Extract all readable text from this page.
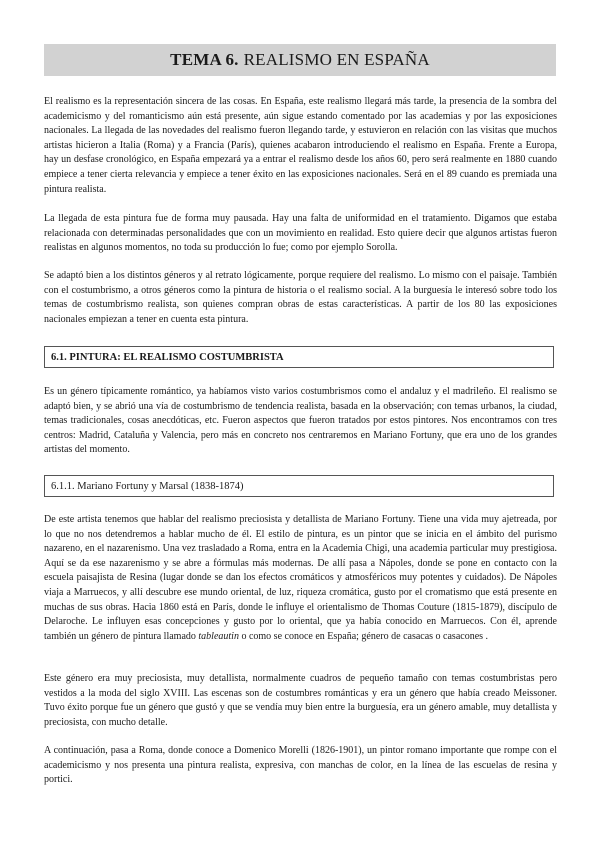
TEMA 6. REALISMO EN ESPAÑA

El realismo es la representación sincera de las cosas. En España, este realismo llegará más tarde, la presencia de la sombra del academicismo y del romanticismo aún está presente, aún sigue estando comentado por las academias y por las exposiciones nacionales. La llegada de las novedades del realismo fueron llegando tarde, y estuvieron en relación con las visitas que muchos artistas hicieron a Italia (Roma) y a Francia (París), quienes acabaron introduciendo el realismo en España. Frente a Europa, hay un desfase cronológico, en España empezará ya a entrar el realismo desde los años 60, pero será realmente en 1880 cuando empiece a tener cierta relevancia y empiece a tener éxito en las exposiciones nacionales. Será en el 89 cuando es premiada una pintura realista.

La llegada de esta pintura fue de forma muy pausada. Hay una falta de uniformidad en el tratamiento. Digamos que estaba relacionada con determinadas personalidades que con un movimiento en realidad. Esto quiere decir que algunos artistas fueron realistas en algunos momentos, no toda su producción lo fue; como por ejemplo Sorolla.

Se adaptó bien a los distintos géneros y al retrato lógicamente, porque requiere del realismo. Lo mismo con el paisaje. También con el costumbrismo, a otros géneros como la pintura de historia o el realismo social. A la burguesía le interesó sobre todo los temas de costumbrismo realista, son quienes compran obras de estas características. A partir de los 80 las exposiciones nacionales empiezan a tener en cuenta esta pintura.

6.1. PINTURA: EL REALISMO COSTUMBRISTA

Es un género típicamente romántico, ya habíamos visto varios costumbrismos como el andaluz y el madrileño. El realismo se adaptó bien, y se abrió una vía de costumbrismo de tendencia realista, basada en la observación; con temas urbanos, la ciudad, temas tradicionales, cosas anecdóticas, etc. Fueron aspectos que fueron tratados por estos pintores. Nos encontramos con tres centros: Madrid, Cataluña y Valencia, pero más en concreto nos centraremos en Mariano Fortuny, que era uno de los grandes artistas del momento.

6.1.1. Mariano Fortuny y Marsal (1838-1874)

De este artista tenemos que hablar del realismo preciosista y detallista de Mariano Fortuny. Tiene una vida muy ajetreada, por lo que no nos detendremos a hablar mucho de él. El estilo de pintura, es un pintor que se inicia en el ámbito del purismo nazareno, en el nazarenismo. Una vez trasladado a Roma, entra en la Academia Chigi, una academia particular muy prestigiosa. Aquí se da ese nazarenismo y se abre a fórmulas más modernas. De allí pasa a Nápoles, donde se pone en contacto con la escuela paisajista de Resina (lugar donde se dan los efectos cromáticos y atmosféricos muy potentes y cuidados). De Nápoles viaja a Marruecos, y allí descubre ese mundo oriental, de luz, riqueza cromática, gusto por el cromatismo que está presente en muchas de sus obras. Hacia 1860 está en París, donde le influye el orientalismo de Thomas Couture (1815-1879), discípulo de Delaroche. Le influyen esas concepciones y gusto por lo oriental, que ya había conocido en Marruecos. Con él, aprende también un género de pintura llamado tableautin o como se conoce en España; género de casacas o casacones .

Este género era muy preciosista, muy detallista, normalmente cuadros de pequeño tamaño con temas costumbristas pero vestidos a la moda del siglo XVIII. Las escenas son de costumbres románticas y era un género que había creado Meissoner. Tuvo éxito porque fue un género que gustó y que se vendía muy bien entre la burguesía, era un género amable, muy detallista y preciosista, con mucho detalle.

A continuación, pasa a Roma, donde conoce a Domenico Morelli (1826-1901), un pintor romano importante que rompe con el academicismo y nos presenta una pintura realista, expresiva, con manchas de color, en la línea de las escuelas de resina y portici.
